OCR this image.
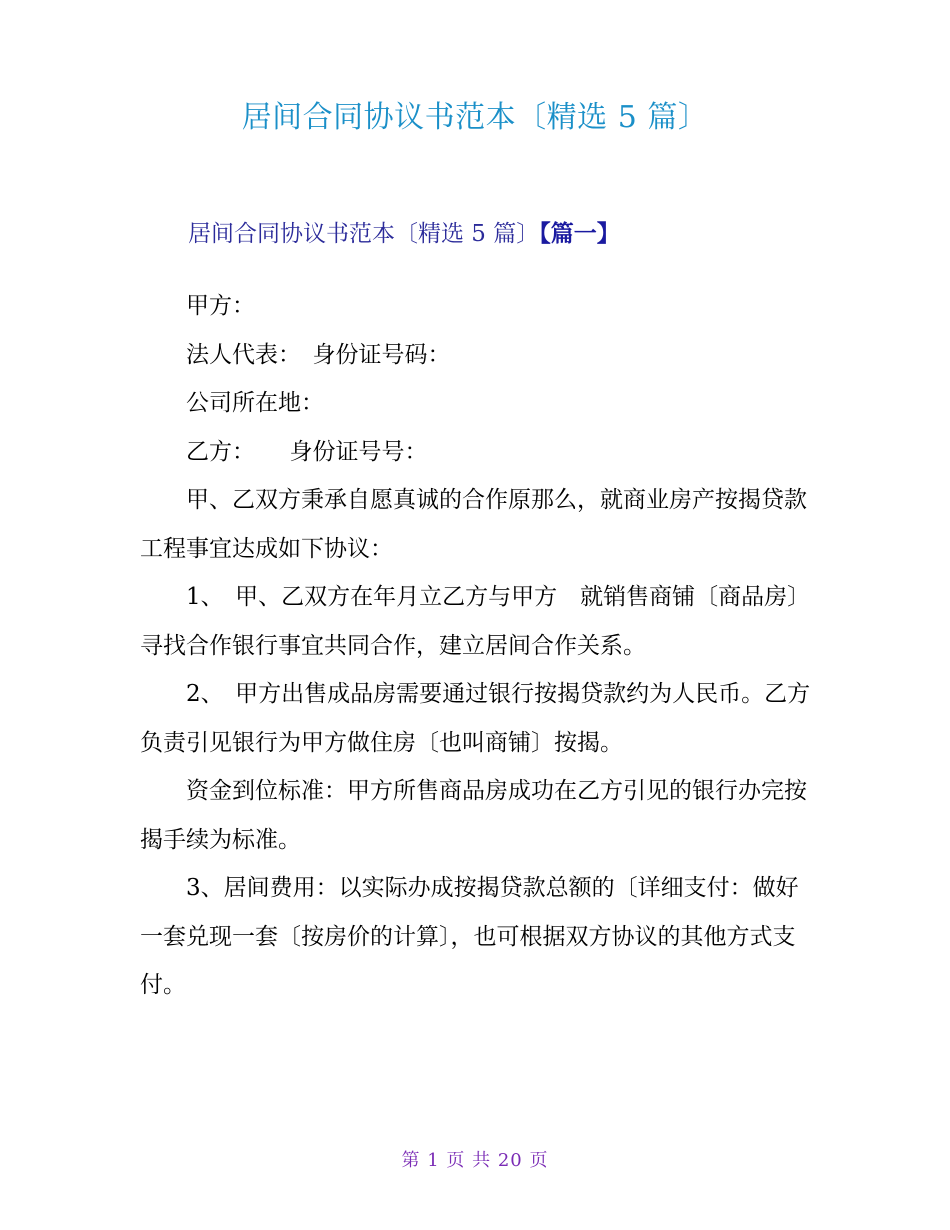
居间合同协议书范本〔精选 5 篇〕
居间合同协议书范本〔精选 5 篇〕【篇一】

甲方：

法人代表：　身份证号码：

公司所在地：

乙方：　　身份证号号：

甲、乙双方秉承自愿真诚的合作原那么，就商业房产按揭贷款工程事宜达成如下协议：

1、　甲、乙双方在年月立乙方与甲方　就销售商铺〔商品房〕寻找合作银行事宜共同合作，建立居间合作关系。

2、　甲方出售成品房需要通过银行按揭贷款约为人民币。乙方负责引见银行为甲方做住房〔也叫商铺〕按揭。

资金到位标准：甲方所售商品房成功在乙方引见的银行办完按揭手续为标准。

3、居间费用：以实际办成按揭贷款总额的〔详细支付：做好一套兑现一套〔按房价的计算〕，也可根据双方协议的其他方式支付。

第 1 页 共 20 页
